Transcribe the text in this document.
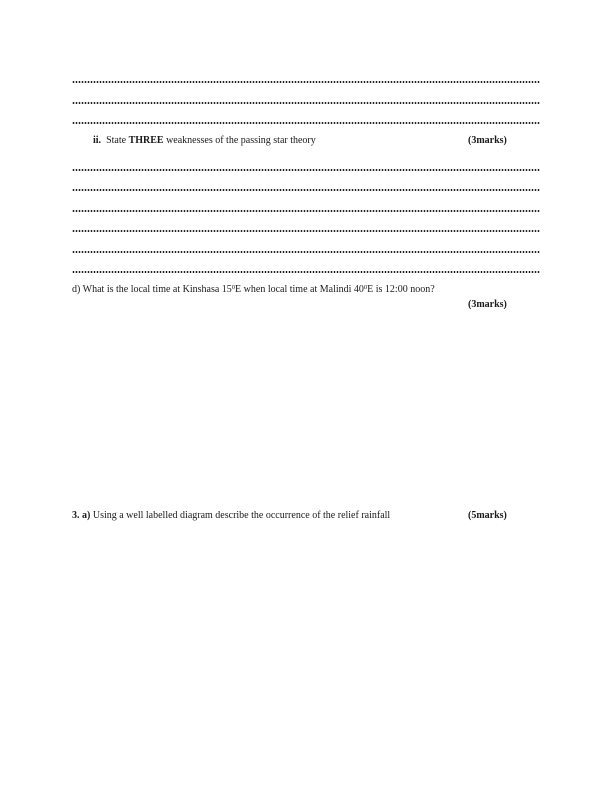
ii. State THREE weaknesses of the passing star theory	(3marks)
d) What is the local time at Kinshasa $15^0E$ when local time at Malindi $40^0E$ is 12:00 noon?
(3marks)
3. a) Using a well labelled diagram describe the occurrence of the relief rainfall	(5marks)
